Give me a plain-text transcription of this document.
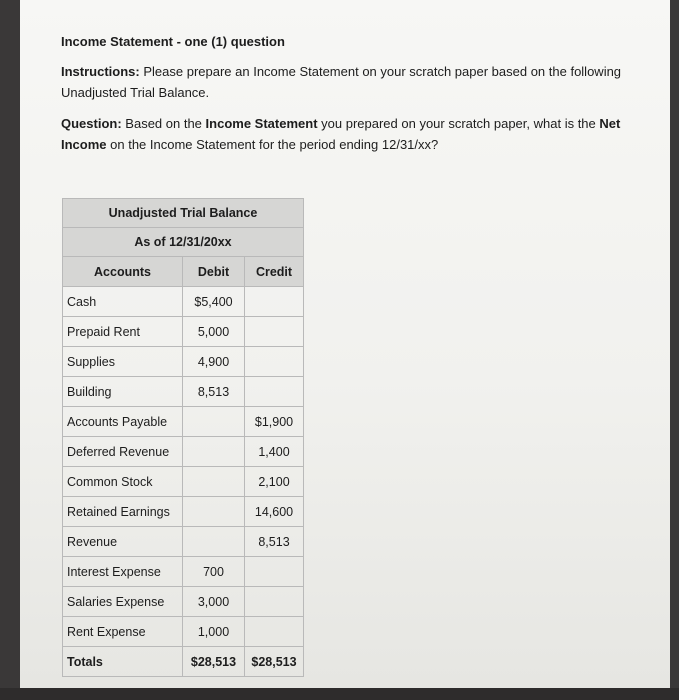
Income Statement - one (1) question
Instructions: Please prepare an Income Statement on your scratch paper based on the following Unadjusted Trial Balance.
Question: Based on the Income Statement you prepared on your scratch paper, what is the Net Income on the Income Statement for the period ending 12/31/xx?
Unadjusted Trial Balance		
As of 12/31/20xx		
Accounts	Debit	Credit
Cash	$5,400	
Prepaid Rent	5,000	
Supplies	4,900	
Building	8,513	
Accounts Payable		$1,900
Deferred Revenue		1,400
Common Stock		2,100
Retained Earnings		14,600
Revenue		8,513
Interest Expense	700	
Salaries Expense	3,000	
Rent Expense	1,000	
Totals	$28,513	$28,513
